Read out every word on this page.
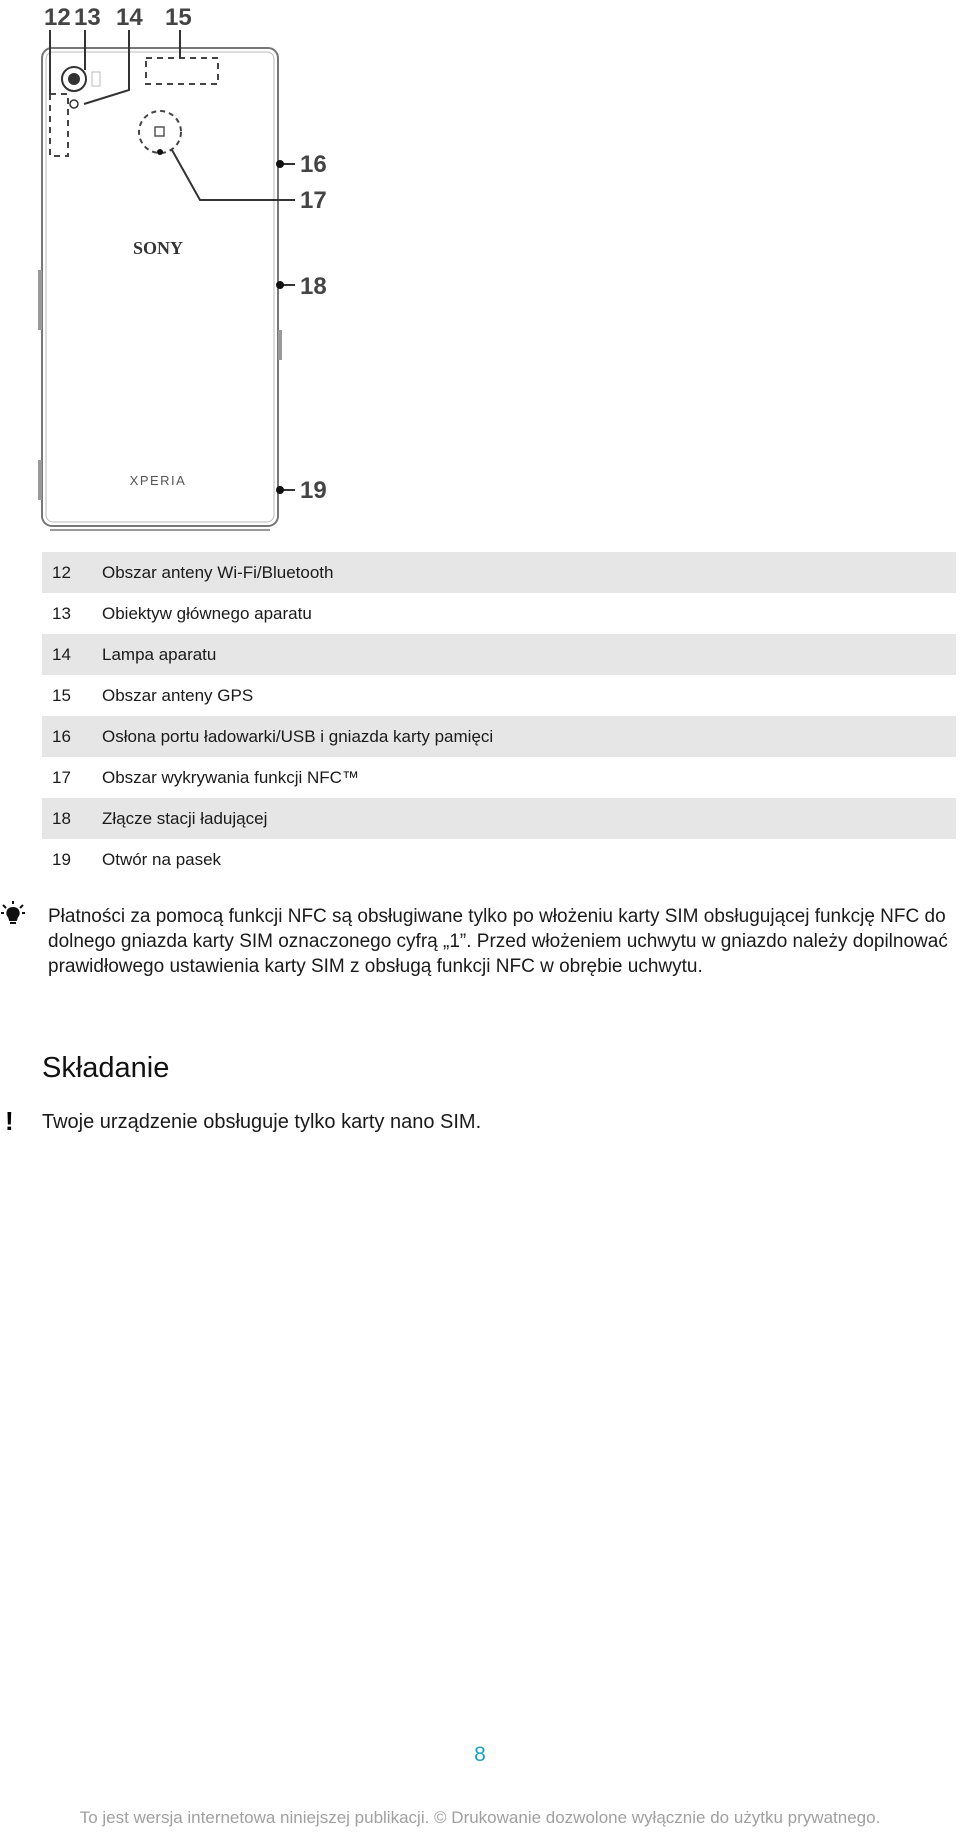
12 13 14 15
16
17
18
19
SONY
XPERIA
12	Obszar anteny Wi-Fi/Bluetooth
13	Obiektyw głównego aparatu
14	Lampa aparatu
15	Obszar anteny GPS
16	Osłona portu ładowarki/USB i gniazda karty pamięci
17	Obszar wykrywania funkcji NFC™
18	Złącze stacji ładującej
19	Otwór na pasek

Płatności za pomocą funkcji NFC są obsługiwane tylko po włożeniu karty SIM obsługującej funkcję NFC do dolnego gniazda karty SIM oznaczonego cyfrą „1”. Przed włożeniem uchwytu w gniazdo należy dopilnować prawidłowego ustawienia karty SIM z obsługą funkcji NFC w obrębie uchwytu.

Składanie
! Twoje urządzenie obsługuje tylko karty nano SIM.

8
To jest wersja internetowa niniejszej publikacji. © Drukowanie dozwolone wyłącznie do użytku prywatnego.
